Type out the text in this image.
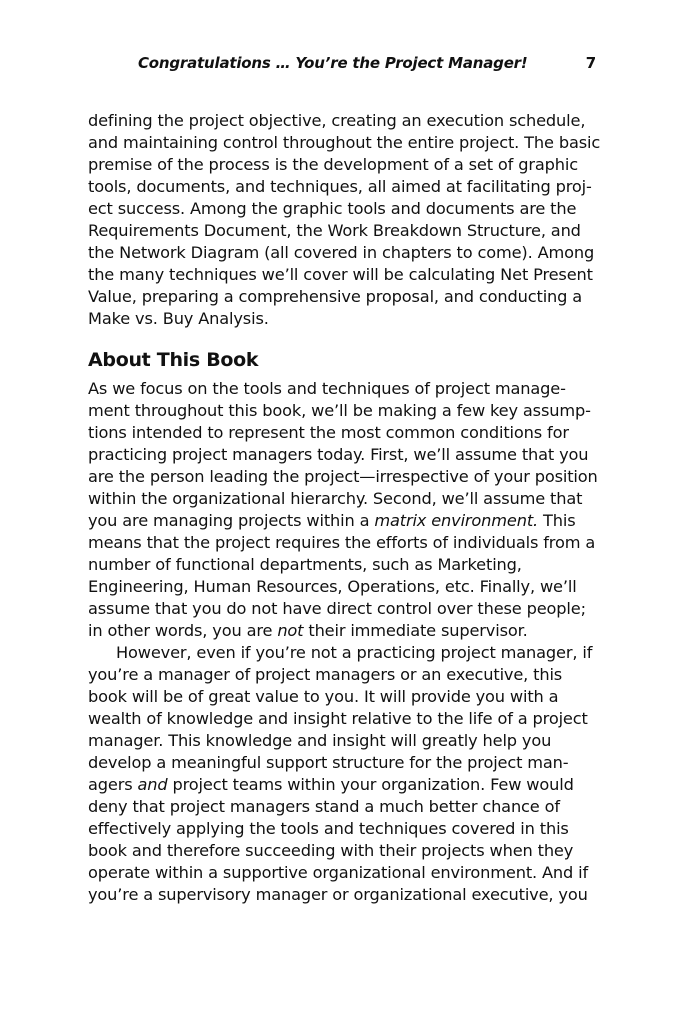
Congratulations … You’re the Project Manager!	7
defining the project objective, creating an execution schedule,
and maintaining control throughout the entire project. The basic
premise of the process is the development of a set of graphic
tools, documents, and techniques, all aimed at facilitating proj-
ect success. Among the graphic tools and documents are the
Requirements Document, the Work Breakdown Structure, and
the Network Diagram (all covered in chapters to come). Among
the many techniques we’ll cover will be calculating Net Present
Value, preparing a comprehensive proposal, and conducting a
Make vs. Buy Analysis.
About This Book
As we focus on the tools and techniques of project manage-
ment throughout this book, we’ll be making a few key assump-
tions intended to represent the most common conditions for
practicing project managers today. First, we’ll assume that you
are the person leading the project—irrespective of your position
within the organizational hierarchy. Second, we’ll assume that
you are managing projects within a matrix environment. This
means that the project requires the efforts of individuals from a
number of functional departments, such as Marketing,
Engineering, Human Resources, Operations, etc. Finally, we’ll
assume that you do not have direct control over these people;
in other words, you are not their immediate supervisor.
However, even if you’re not a practicing project manager, if
you’re a manager of project managers or an executive, this
book will be of great value to you. It will provide you with a
wealth of knowledge and insight relative to the life of a project
manager. This knowledge and insight will greatly help you
develop a meaningful support structure for the project man-
agers and project teams within your organization. Few would
deny that project managers stand a much better chance of
effectively applying the tools and techniques covered in this
book and therefore succeeding with their projects when they
operate within a supportive organizational environment. And if
you’re a supervisory manager or organizational executive, you
